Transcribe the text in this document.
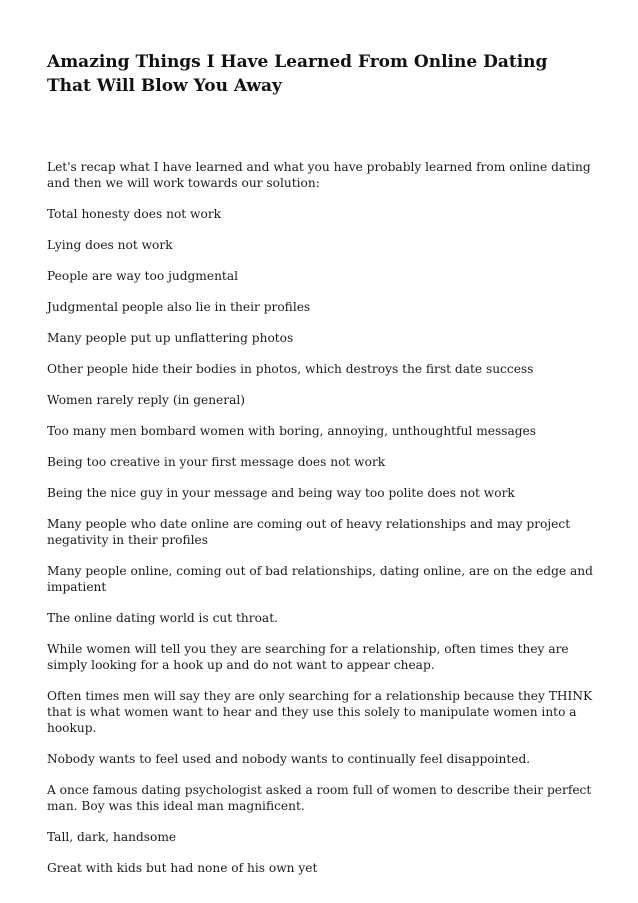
Amazing Things I Have Learned From Online Dating That Will Blow You Away

Let's recap what I have learned and what you have probably learned from online dating and then we will work towards our solution:

Total honesty does not work

Lying does not work

People are way too judgmental

Judgmental people also lie in their profiles

Many people put up unflattering photos

Other people hide their bodies in photos, which destroys the first date success

Women rarely reply (in general)

Too many men bombard women with boring, annoying, unthoughtful messages

Being too creative in your first message does not work

Being the nice guy in your message and being way too polite does not work

Many people who date online are coming out of heavy relationships and may project negativity in their profiles

Many people online, coming out of bad relationships, dating online, are on the edge and impatient

The online dating world is cut throat.

While women will tell you they are searching for a relationship, often times they are simply looking for a hook up and do not want to appear cheap.

Often times men will say they are only searching for a relationship because they THINK that is what women want to hear and they use this solely to manipulate women into a hookup.

Nobody wants to feel used and nobody wants to continually feel disappointed.

A once famous dating psychologist asked a room full of women to describe their perfect man. Boy was this ideal man magnificent.

Tall, dark, handsome

Great with kids but had none of his own yet
